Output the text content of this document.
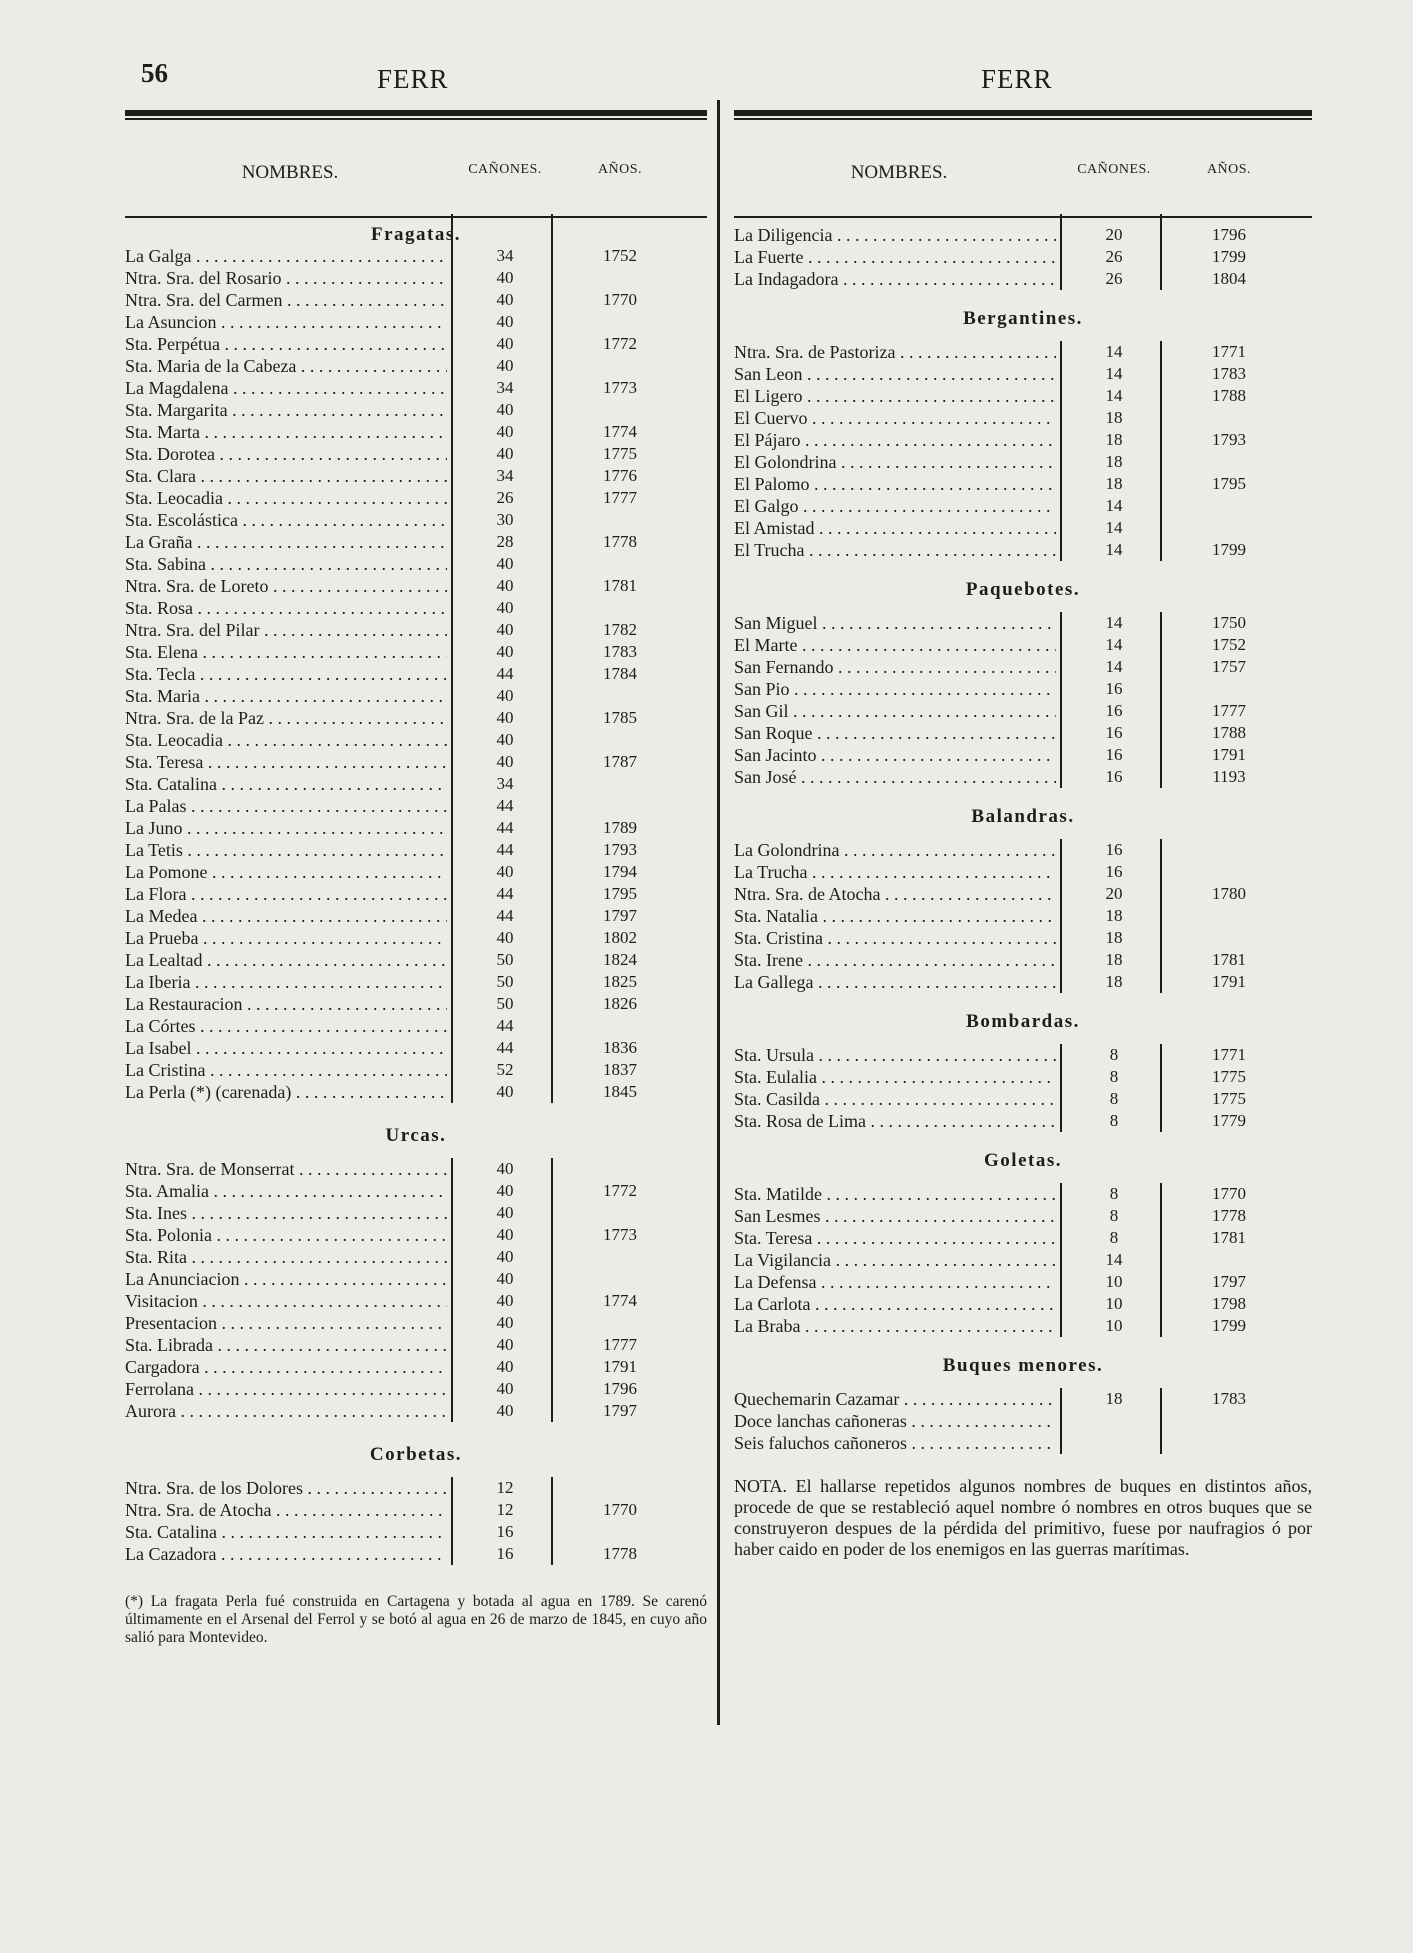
56	FERR	FERR
NOMBRES.	CAÑONES.	AÑOS.
Fragatas.
La Galga . . .	34	1752
Ntra. Sra. del Rosario . . .	40
Ntra. Sra. del Carmen . . .	40	1770
La Asuncion . . .	40
Sta. Perpétua . . .	40	1772
Sta. Maria de la Cabeza . . .	40
La Magdalena . . .	34	1773
Sta. Margarita . . .	40
Sta. Marta . . .	40	1774
Sta. Dorotea . . .	40	1775
Sta. Clara . . .	34	1776
Sta. Leocadia . . .	26	1777
Sta. Escolástica . . .	30
La Graña . . .	28	1778
Sta. Sabina . . .	40
Ntra. Sra. de Loreto . . .	40	1781
Sta. Rosa . . .	40
Ntra. Sra. del Pilar . . .	40	1782
Sta. Elena . . .	40	1783
Sta. Tecla . . .	44	1784
Sta. Maria . . .	40
Ntra. Sra. de la Paz . . .	40	1785
Sta. Leocadia . . .	40
Sta. Teresa . . .	40	1787
Sta. Catalina . . .	34
La Palas . . .	44
La Juno . . .	44	1789
La Tetis . . .	44	1793
La Pomone . . .	40	1794
La Flora . . .	44	1795
La Medea . . .	44	1797
La Prueba . . .	40	1802
La Lealtad . . .	50	1824
La Iberia . . .	50	1825
La Restauracion . . .	50	1826
La Córtes . . .	44
La Isabel . . .	44	1836
La Cristina . . .	52	1837
La Perla (*) (carenada) . . .	40	1845
Urcas.
Ntra. Sra. de Monserrat . . .	40
Sta. Amalia . . .	40	1772
Sta. Ines . . .	40
Sta. Polonia . . .	40	1773
Sta. Rita . . .	40
La Anunciacion . . .	40
Visitacion . . .	40	1774
Presentacion . . .	40
Sta. Librada . . .	40	1777
Cargadora . . .	40	1791
Ferrolana . . .	40	1796
Aurora . . .	40	1797
Corbetas.
Ntra. Sra. de los Dolores . . .	12
Ntra. Sra. de Atocha . . .	12	1770
Sta. Catalina . . .	16
La Cazadora . . .	16	1778
(*) La fragata Perla fué construida en Cartagena y botada al agua en 1789. Se carenó últimamente en el Arsenal del Ferrol y se botó al agua en 26 de marzo de 1845, en cuyo año salió para Montevideo.
NOMBRES.	CAÑONES.	AÑOS.
La Diligencia . . .	20	1796
La Fuerte . . .	26	1799
La Indagadora . . .	26	1804
Bergantines.
Ntra. Sra. de Pastoriza . . .	14	1771
San Leon . . .	14	1783
El Ligero . . .	14	1788
El Cuervo . . .	18
El Pájaro . . .	18	1793
El Golondrina . . .	18
El Palomo . . .	18	1795
El Galgo . . .	14
El Amistad . . .	14
El Trucha . . .	14	1799
Paquebotes.
San Miguel . . .	14	1750
El Marte . . .	14	1752
San Fernando . . .	14	1757
San Pio . . .	16
San Gil . . .	16	1777
San Roque . . .	16	1788
San Jacinto . . .	16	1791
San José . . .	16	1193
Balandras.
La Golondrina . . .	16
La Trucha . . .	16
Ntra. Sra. de Atocha . . .	20	1780
Sta. Natalia . . .	18
Sta. Cristina . . .	18
Sta. Irene . . .	18	1781
La Gallega . . .	18	1791
Bombardas.
Sta. Ursula . . .	8	1771
Sta. Eulalia . . .	8	1775
Sta. Casilda . . .	8	1775
Sta. Rosa de Lima . . .	8	1779
Goletas.
Sta. Matilde . . .	8	1770
San Lesmes . . .	8	1778
Sta. Teresa . . .	8	1781
La Vigilancia . . .	14
La Defensa . . .	10	1797
La Carlota . . .	10	1798
La Braba . . .	10	1799
Buques menores.
Quechemarin Cazamar . . .	18	1783
Doce lanchas cañoneras . . .
Seis faluchos cañoneros . . .
NOTA. El hallarse repetidos algunos nombres de buques en distintos años, procede de que se restableció aquel nombre ó nombres en otros buques que se construyeron despues de la pérdida del primitivo, fuese por naufragios ó por haber caido en poder de los enemigos en las guerras marítimas.
